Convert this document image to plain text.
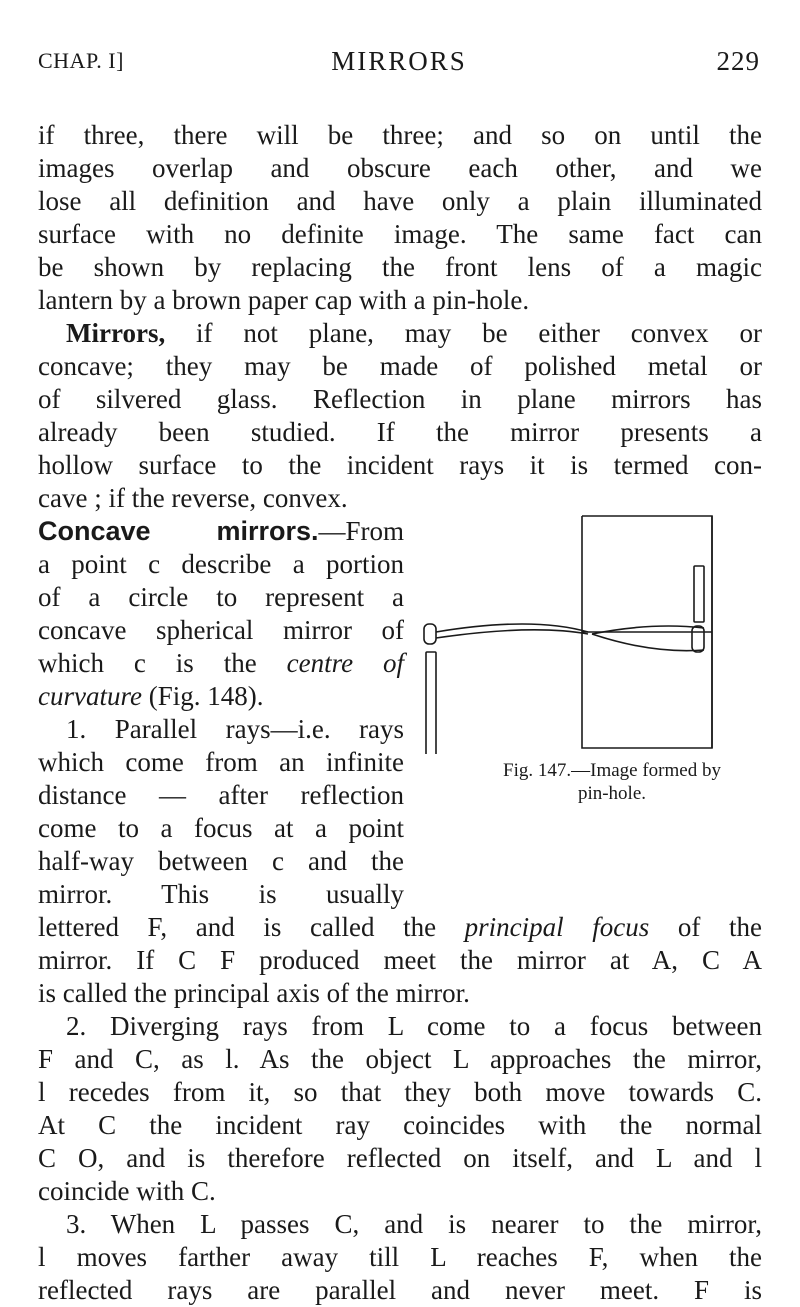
CHAP. I]	MIRRORS	229
if three, there will be three; and so on until the
images overlap and obscure each other, and we
lose all definition and have only a plain illuminated
surface with no definite image. The same fact can
be shown by replacing the front lens of a magic
lantern by a brown paper cap with a pin-hole.
Mirrors, if not plane, may be either convex or
concave; they may be made of polished metal or
of silvered glass. Reflection in plane mirrors has
already been studied. If the mirror presents a
hollow surface to the incident rays it is termed con-
cave ; if the reverse, convex.
Concave mirrors.—From
a point c describe a portion
of a circle to represent a
concave spherical mirror of
which c is the centre of
curvature (Fig. 148).
1. Parallel rays—i.e. rays
which come from an infinite
distance — after reflection
come to a focus at a point
half-way between c and the
mirror. This is usually
lettered F, and is called the principal focus of the
mirror. If C F produced meet the mirror at A, C A
is called the principal axis of the mirror.
2. Diverging rays from L come to a focus between
F and C, as l. As the object L approaches the mirror,
l recedes from it, so that they both move towards C.
At C the incident ray coincides with the normal
C O, and is therefore reflected on itself, and L and l
coincide with C.
3. When L passes C, and is nearer to the mirror,
l moves farther away till L reaches F, when the
reflected rays are parallel and never meet. F is
Fig. 147.—Image formed by
pin-hole.
